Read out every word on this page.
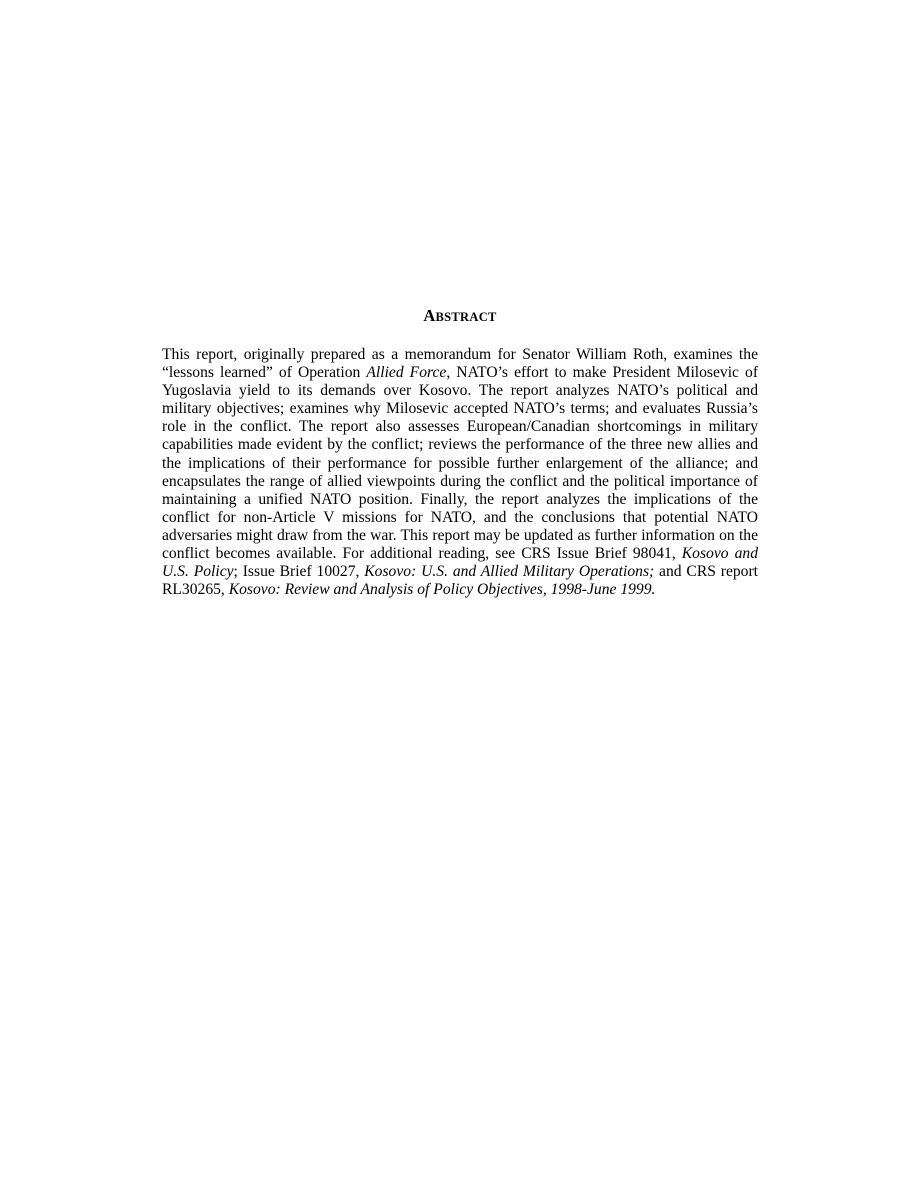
ABSTRACT

This report, originally prepared as a memorandum for Senator William Roth, examines the “lessons learned” of Operation Allied Force, NATO’s effort to make President Milosevic of Yugoslavia yield to its demands over Kosovo. The report analyzes NATO’s political and military objectives; examines why Milosevic accepted NATO’s terms; and evaluates Russia’s role in the conflict. The report also assesses European/Canadian shortcomings in military capabilities made evident by the conflict; reviews the performance of the three new allies and the implications of their performance for possible further enlargement of the alliance; and encapsulates the range of allied viewpoints during the conflict and the political importance of maintaining a unified NATO position. Finally, the report analyzes the implications of the conflict for non-Article V missions for NATO, and the conclusions that potential NATO adversaries might draw from the war. This report may be updated as further information on the conflict becomes available. For additional reading, see CRS Issue Brief 98041, Kosovo and U.S. Policy; Issue Brief 10027, Kosovo: U.S. and Allied Military Operations; and CRS report RL30265, Kosovo: Review and Analysis of Policy Objectives, 1998-June 1999.
